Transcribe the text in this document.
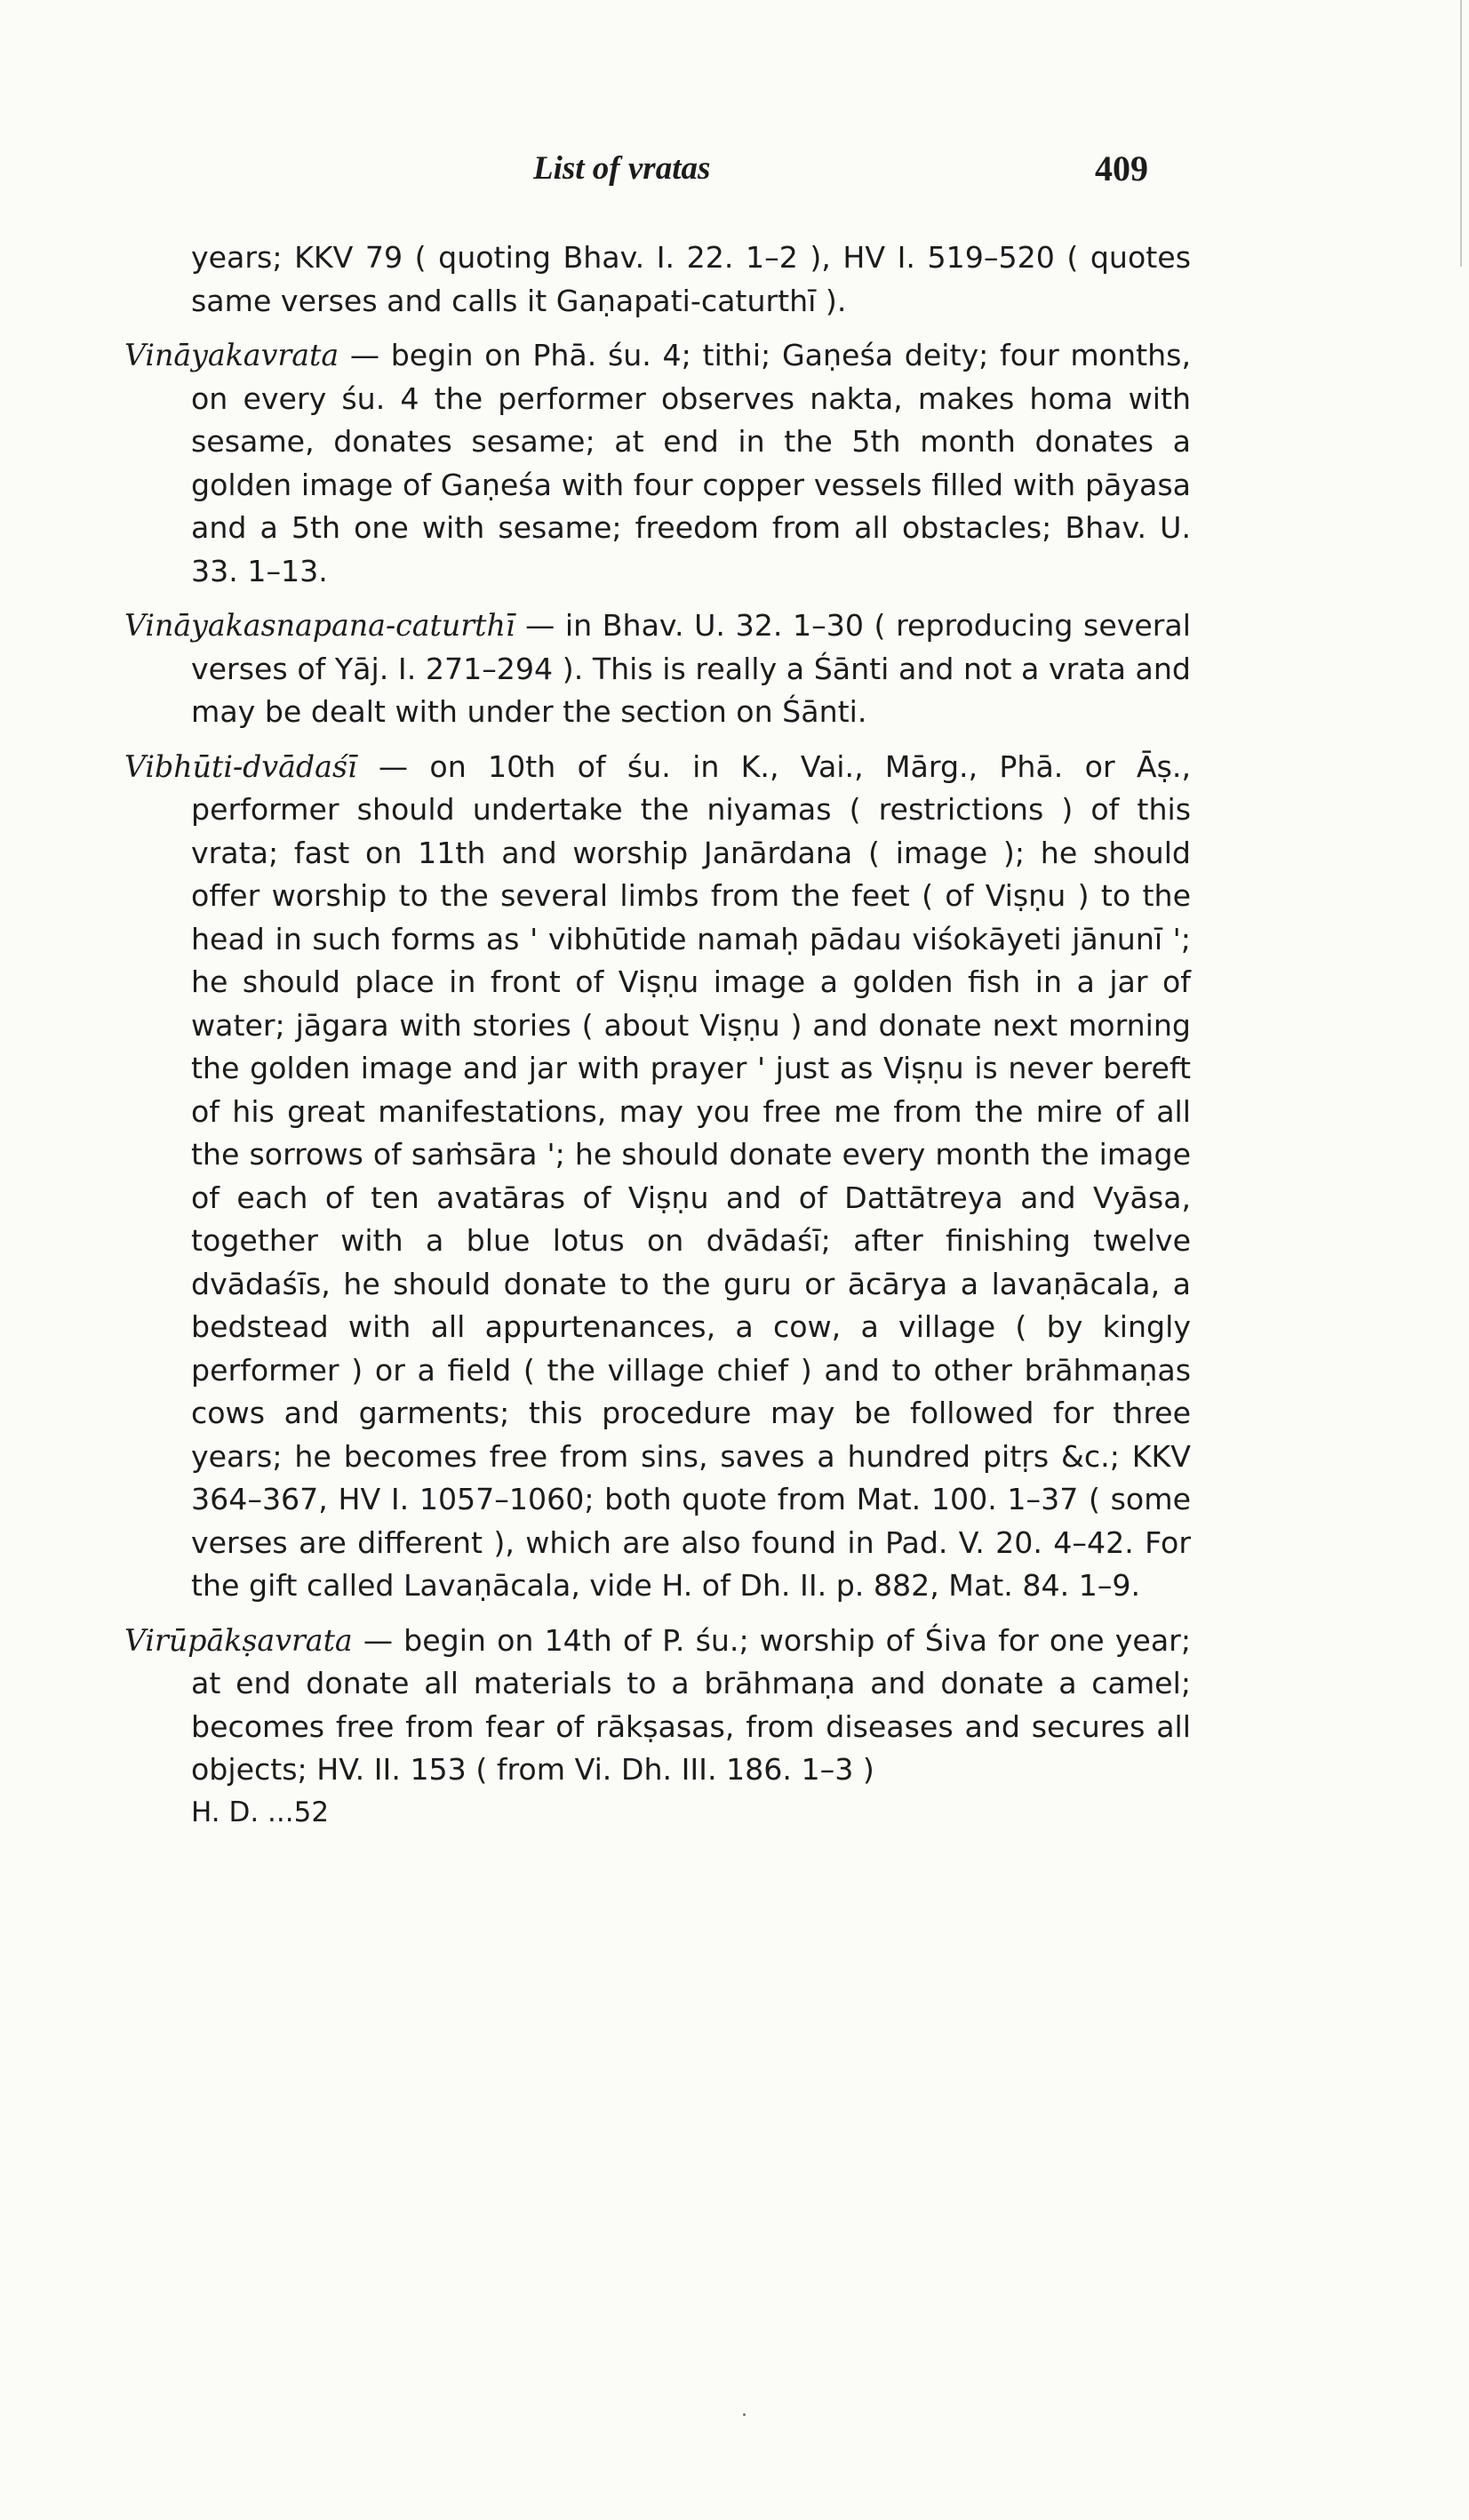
List of vratas	409

years; KKV 79 ( quoting Bhav. I. 22. 1–2 ), HV I. 519–520 ( quotes same verses and calls it Gaṇapati-caturthī ).

Vināyakavrata — begin on Phā. śu. 4; tithi; Gaṇeśa deity; four months, on every śu. 4 the performer observes nakta, makes homa with sesame, donates sesame; at end in the 5th month donates a golden image of Gaṇeśa with four copper vessels filled with pāyasa and a 5th one with sesame; freedom from all obstacles; Bhav. U. 33. 1–13.

Vināyakasnapana-caturthī — in Bhav. U. 32. 1–30 ( reproducing several verses of Yāj. I. 271–294 ). This is really a Śānti and not a vrata and may be dealt with under the section on Śānti.

Vibhūti-dvādaśī — on 10th of śu. in K., Vai., Mārg., Phā. or Āṣ., performer should undertake the niyamas ( restrictions ) of this vrata; fast on 11th and worship Janārdana ( image ); he should offer worship to the several limbs from the feet ( of Viṣṇu ) to the head in such forms as ' vibhūtide namaḥ pādau viśokāyeti jānunī '; he should place in front of Viṣṇu image a golden fish in a jar of water; jāgara with stories ( about Viṣṇu ) and donate next morning the golden image and jar with prayer ' just as Viṣṇu is never bereft of his great manifestations, may you free me from the mire of all the sorrows of saṁsāra '; he should donate every month the image of each of ten avatāras of Viṣṇu and of Dattātreya and Vyāsa, together with a blue lotus on dvādaśī; after finishing twelve dvādaśīs, he should donate to the guru or ācārya a lavaṇācala, a bedstead with all appurtenances, a cow, a village ( by kingly performer ) or a field ( the village chief ) and to other brāhmaṇas cows and garments; this procedure may be followed for three years; he becomes free from sins, saves a hundred pitṛs &c.; KKV 364–367, HV I. 1057–1060; both quote from Mat. 100. 1–37 ( some verses are different ), which are also found in Pad. V. 20. 4–42. For the gift called Lavaṇācala, vide H. of Dh. II. p. 882, Mat. 84. 1–9.

Virūpākṣavrata — begin on 14th of P. śu.; worship of Śiva for one year; at end donate all materials to a brāhmaṇa and donate a camel; becomes free from fear of rākṣasas, from diseases and secures all objects; HV. II. 153 ( from Vi. Dh. III. 186. 1–3 )

H. D. ...52
